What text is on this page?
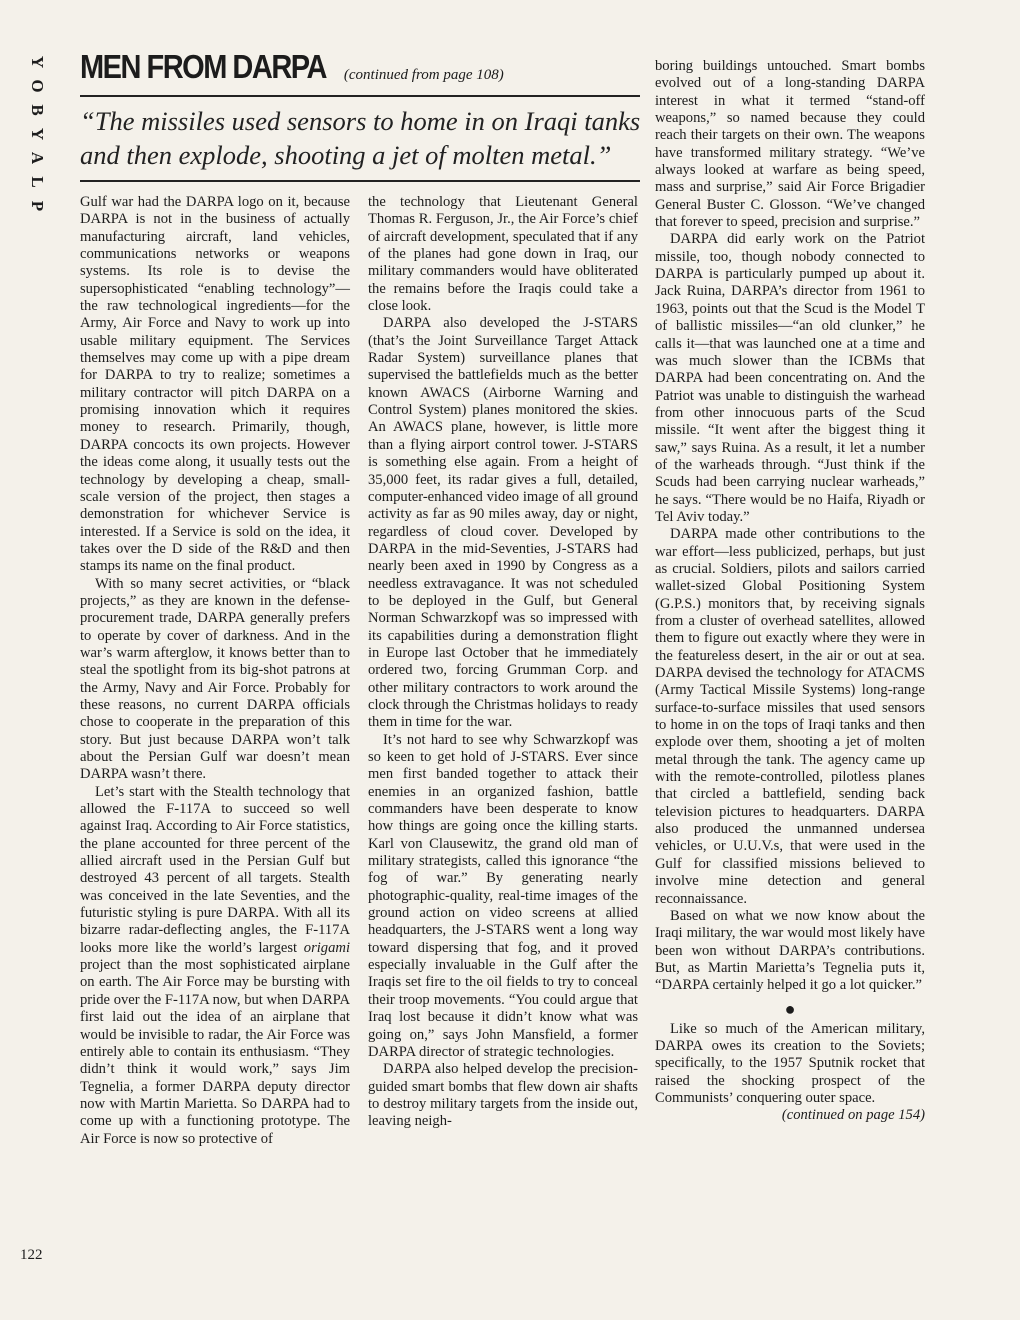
Y
O
B
Y
A
L
P
MEN FROM DARPA (continued from page 108)
“The missiles used sensors to home in on Iraqi tanks and then explode, shooting a jet of molten metal.”

Gulf war had the DARPA logo on it, because DARPA is not in the business of actually manufacturing aircraft, land vehicles, communications networks or weapons systems. Its role is to devise the supersophisticated “enabling technology”—the raw technological ingredients—for the Army, Air Force and Navy to work up into usable military equipment. The Services themselves may come up with a pipe dream for DARPA to try to realize; sometimes a military contractor will pitch DARPA on a promising innovation which it requires money to research. Primarily, though, DARPA concocts its own projects. However the ideas come along, it usually tests out the technology by developing a cheap, small-scale version of the project, then stages a demonstration for whichever Service is interested. If a Service is sold on the idea, it takes over the D side of the R&D and then stamps its name on the final product.

With so many secret activities, or “black projects,” as they are known in the defense-procurement trade, DARPA generally prefers to operate by cover of darkness. And in the war’s warm afterglow, it knows better than to steal the spotlight from its big-shot patrons at the Army, Navy and Air Force. Probably for these reasons, no current DARPA officials chose to cooperate in the preparation of this story. But just because DARPA won’t talk about the Persian Gulf war doesn’t mean DARPA wasn’t there.

Let’s start with the Stealth technology that allowed the F-117A to succeed so well against Iraq. According to Air Force statistics, the plane accounted for three percent of the allied aircraft used in the Persian Gulf but destroyed 43 percent of all targets. Stealth was conceived in the late Seventies, and the futuristic styling is pure DARPA. With all its bizarre radar-deflecting angles, the F-117A looks more like the world’s largest origami project than the most sophisticated airplane on earth. The Air Force may be bursting with pride over the F-117A now, but when DARPA first laid out the idea of an airplane that would be invisible to radar, the Air Force was entirely able to contain its enthusiasm. “They didn’t think it would work,” says Jim Tegnelia, a former DARPA deputy director now with Martin Marietta. So DARPA had to come up with a functioning prototype. The Air Force is now so protective of

the technology that Lieutenant General Thomas R. Ferguson, Jr., the Air Force’s chief of aircraft development, speculated that if any of the planes had gone down in Iraq, our military commanders would have obliterated the remains before the Iraqis could take a close look.

DARPA also developed the J-STARS (that’s the Joint Surveillance Target Attack Radar System) surveillance planes that supervised the battlefields much as the better known AWACS (Airborne Warning and Control System) planes monitored the skies. An AWACS plane, however, is little more than a flying airport control tower. J-STARS is something else again. From a height of 35,000 feet, its radar gives a full, detailed, computer-enhanced video image of all ground activity as far as 90 miles away, day or night, regardless of cloud cover. Developed by DARPA in the mid-Seventies, J-STARS had nearly been axed in 1990 by Congress as a needless extravagance. It was not scheduled to be deployed in the Gulf, but General Norman Schwarzkopf was so impressed with its capabilities during a demonstration flight in Europe last October that he immediately ordered two, forcing Grumman Corp. and other military contractors to work around the clock through the Christmas holidays to ready them in time for the war.

It’s not hard to see why Schwarzkopf was so keen to get hold of J-STARS. Ever since men first banded together to attack their enemies in an organized fashion, battle commanders have been desperate to know how things are going once the killing starts. Karl von Clausewitz, the grand old man of military strategists, called this ignorance “the fog of war.” By generating nearly photographic-quality, real-time images of the ground action on video screens at allied headquarters, the J-STARS went a long way toward dispersing that fog, and it proved especially invaluable in the Gulf after the Iraqis set fire to the oil fields to try to conceal their troop movements. “You could argue that Iraq lost because it didn’t know what was going on,” says John Mansfield, a former DARPA director of strategic technologies.

DARPA also helped develop the precision-guided smart bombs that flew down air shafts to destroy military targets from the inside out, leaving neigh-

boring buildings untouched. Smart bombs evolved out of a long-standing DARPA interest in what it termed “stand-off weapons,” so named because they could reach their targets on their own. The weapons have transformed military strategy. “We’ve always looked at warfare as being speed, mass and surprise,” said Air Force Brigadier General Buster C. Glosson. “We’ve changed that forever to speed, precision and surprise.”

DARPA did early work on the Patriot missile, too, though nobody connected to DARPA is particularly pumped up about it. Jack Ruina, DARPA’s director from 1961 to 1963, points out that the Scud is the Model T of ballistic missiles—“an old clunker,” he calls it—that was launched one at a time and was much slower than the ICBMs that DARPA had been concentrating on. And the Patriot was unable to distinguish the warhead from other innocuous parts of the Scud missile. “It went after the biggest thing it saw,” says Ruina. As a result, it let a number of the warheads through. “Just think if the Scuds had been carrying nuclear warheads,” he says. “There would be no Haifa, Riyadh or Tel Aviv today.”

DARPA made other contributions to the war effort—less publicized, perhaps, but just as crucial. Soldiers, pilots and sailors carried wallet-sized Global Positioning System (G.P.S.) monitors that, by receiving signals from a cluster of overhead satellites, allowed them to figure out exactly where they were in the featureless desert, in the air or out at sea. DARPA devised the technology for ATACMS (Army Tactical Missile Systems) long-range surface-to-surface missiles that used sensors to home in on the tops of Iraqi tanks and then explode over them, shooting a jet of molten metal through the tank. The agency came up with the remote-controlled, pilotless planes that circled a battlefield, sending back television pictures to headquarters. DARPA also produced the unmanned undersea vehicles, or U.U.V.s, that were used in the Gulf for classified missions believed to involve mine detection and general reconnaissance.

Based on what we now know about the Iraqi military, the war would most likely have been won without DARPA’s contributions. But, as Martin Marietta’s Tegnelia puts it, “DARPA certainly helped it go a lot quicker.”

●

Like so much of the American military, DARPA owes its creation to the Soviets; specifically, to the 1957 Sputnik rocket that raised the shocking prospect of the Communists’ conquering outer space.

(continued on page 154)

122
